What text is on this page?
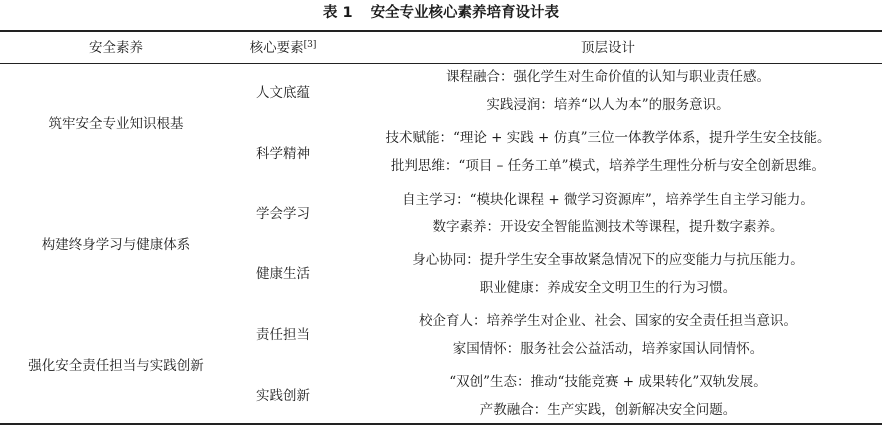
表 1 安全专业核心素养培育设计表
安全素养	核心要素[3]	顶层设计
筑牢安全专业知识根基
人文底蕴
课程融合：强化学生对生命价值的认知与职业责任感。
实践浸润：培养“以人为本”的服务意识。
科学精神
技术赋能：“理论 + 实践 + 仿真”三位一体教学体系，提升学生安全技能。
批判思维：“项目 – 任务工单”模式，培养学生理性分析与安全创新思维。
构建终身学习与健康体系
学会学习
自主学习：“模块化课程 + 微学习资源库”，培养学生自主学习能力。
数字素养：开设安全智能监测技术等课程，提升数字素养。
健康生活
身心协同：提升学生安全事故紧急情况下的应变能力与抗压能力。
职业健康：养成安全文明卫生的行为习惯。
强化安全责任担当与实践创新
责任担当
校企育人：培养学生对企业、社会、国家的安全责任担当意识。
家国情怀：服务社会公益活动，培养家国认同情怀。
实践创新
“双创”生态：推动“技能竞赛 + 成果转化”双轨发展。
产教融合：生产实践，创新解决安全问题。
